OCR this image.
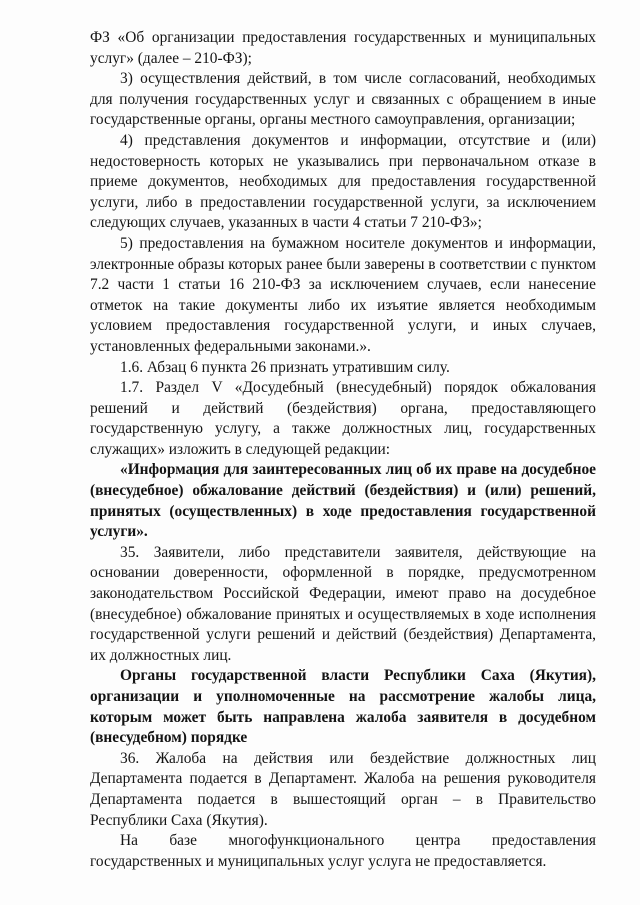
ФЗ «Об организации предоставления государственных и муниципальных услуг» (далее – 210-ФЗ);

3) осуществления действий, в том числе согласований, необходимых для получения государственных услуг и связанных с обращением в иные государственные органы, органы местного самоуправления, организации;

4) представления документов и информации, отсутствие и (или) недостоверность которых не указывались при первоначальном отказе в приеме документов, необходимых для предоставления государственной услуги, либо в предоставлении государственной услуги, за исключением следующих случаев, указанных в части 4 статьи 7 210-ФЗ»;

5) предоставления на бумажном носителе документов и информации, электронные образы которых ранее были заверены в соответствии с пунктом 7.2 части 1 статьи 16 210-ФЗ за исключением случаев, если нанесение отметок на такие документы либо их изъятие является необходимым условием предоставления государственной услуги, и иных случаев, установленных федеральными законами.».

1.6. Абзац 6 пункта 26 признать утратившим силу.

1.7. Раздел V «Досудебный (внесудебный) порядок обжалования решений и действий (бездействия) органа, предоставляющего государственную услугу, а также должностных лиц, государственных служащих» изложить в следующей редакции:

«Информация для заинтересованных лиц об их праве на досудебное (внесудебное) обжалование действий (бездействия) и (или) решений, принятых (осуществленных) в ходе предоставления государственной услуги».

35. Заявители, либо представители заявителя, действующие на основании доверенности, оформленной в порядке, предусмотренном законодательством Российской Федерации, имеют право на досудебное (внесудебное) обжалование принятых и осуществляемых в ходе исполнения государственной услуги решений и действий (бездействия) Департамента, их должностных лиц.

Органы государственной власти Республики Саха (Якутия), организации и уполномоченные на рассмотрение жалобы лица, которым может быть направлена жалоба заявителя в досудебном (внесудебном) порядке

36. Жалоба на действия или бездействие должностных лиц Департамента подается в Департамент. Жалоба на решения руководителя Департамента подается в вышестоящий орган – в Правительство Республики Саха (Якутия).

На базе многофункционального центра предоставления государственных и муниципальных услуг услуга не предоставляется.
